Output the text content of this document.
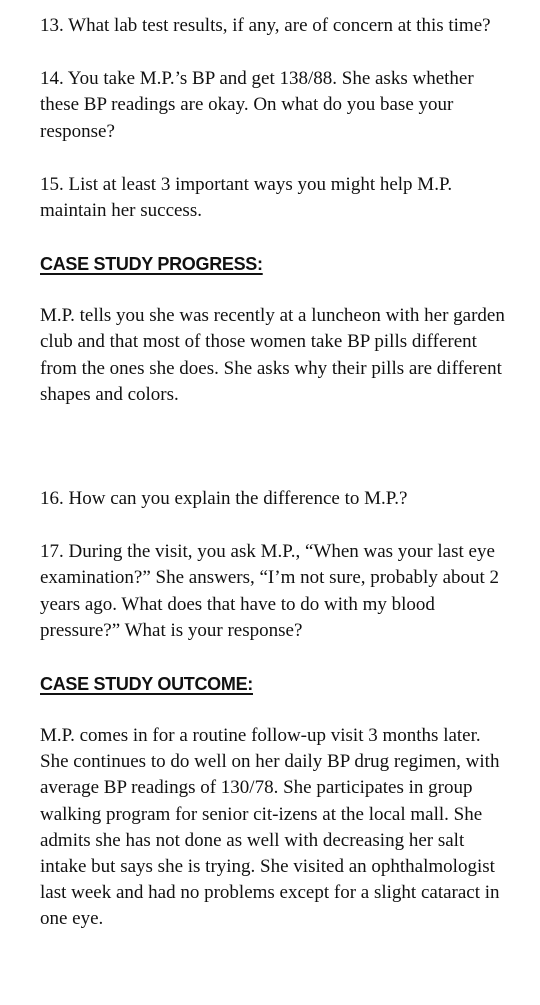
13. What lab test results, if any, are of concern at this time?

14. You take M.P.’s BP and get 138/88. She asks whether these BP readings are okay. On what do you base your response?

15. List at least 3 important ways you might help M.P. maintain her success.

CASE STUDY PROGRESS:

M.P. tells you she was recently at a luncheon with her garden club and that most of those women take BP pills different from the ones she does. She asks why their pills are different shapes and colors.

16. How can you explain the difference to M.P.?

17. During the visit, you ask M.P., “When was your last eye examination?” She answers, “I’m not sure, probably about 2 years ago. What does that have to do with my blood pressure?” What is your response?

CASE STUDY OUTCOME:

M.P. comes in for a routine follow-up visit 3 months later. She continues to do well on her daily BP drug regimen, with average BP readings of 130/78. She participates in group walking program for senior cit-izens at the local mall. She admits she has not done as well with decreasing her salt intake but says she is trying. She visited an ophthalmologist last week and had no problems except for a slight cataract in one eye.
